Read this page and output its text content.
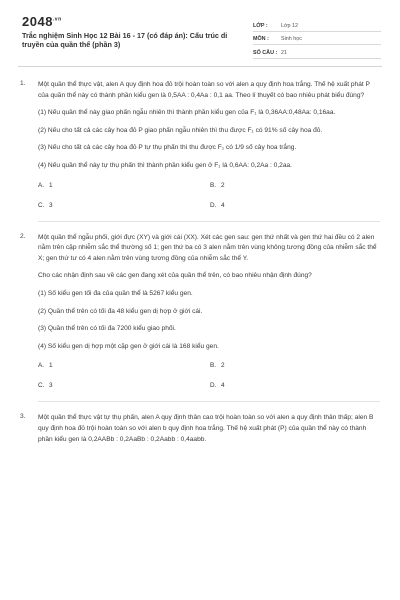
$2048^{.vn}$
Trắc nghiệm Sinh Học 12 Bài 16 - 17 (có đáp án): Cấu trúc di truyền của quần thể (phần 3)
LỚP :	Lớp 12
MÔN :	Sinh học
SỐ CÂU : 21
1. Một quần thể thực vật, alen A quy định hoa đỏ trội hoàn toàn so với alen a quy định hoa trắng. Thế hệ xuất phát P của quần thể này có thành phần kiểu gen là 0,5AA : 0,4Aa : 0,1 aa. Theo lí thuyết có bao nhiêu phát biểu đúng?
(1) Nếu quần thể này giao phấn ngẫu nhiên thì thành phần kiểu gen của F₁ là 0,36AA:0,48Aa: 0,16aa.
(2) Nếu cho tất cả các cây hoa đỏ P giao phấn ngẫu nhiên thì thu được F₁ có 91% số cây hoa đỏ.
(3) Nếu cho tất cả các cây hoa đỏ P tự thụ phấn thì thu được F₁ có 1/9 số cây hoa trắng.
(4) Nếu quần thể này tự thụ phấn thì thành phần kiểu gen ở F₁ là 0,6AA: 0,2Aa : 0,2aa.
A. 1	B. 2
C. 3	D. 4
2. Một quần thể ngẫu phối, giới đực (XY) và giới cái (XX). Xét các gen sau: gen thứ nhất và gen thứ hai đều có 2 alen nằm trên cặp nhiễm sắc thể thường số 1; gen thứ ba có 3 alen nằm trên vùng không tương đồng của nhiễm sắc thể X; gen thứ tư có 4 alen nằm trên vùng tương đồng của nhiễm sắc thể Y.
Cho các nhận định sau về các gen đang xét của quần thể trên, có bao nhiêu nhận định đúng?
(1) Số kiểu gen tối đa của quần thể là 5267 kiểu gen.
(2) Quần thể trên có tối đa 48 kiểu gen dị hợp ở giới cái.
(3) Quần thể trên có tối đa 7200 kiểu giao phối.
(4) Số kiểu gen dị hợp một cặp gen ở giới cái là 168 kiểu gen.
A. 1	B. 2
C. 3	D. 4
3. Một quần thể thực vật tự thụ phấn, alen A quy định thân cao trội hoàn toàn so với alen a quy định thân thấp; alen B quy định hoa đỏ trội hoàn toàn so với alen b quy định hoa trắng. Thế hệ xuất phát (P) của quần thể này có thành phần kiểu gen là 0,2AABb : 0,2AaBb : 0,2Aabb : 0,4aabb.
